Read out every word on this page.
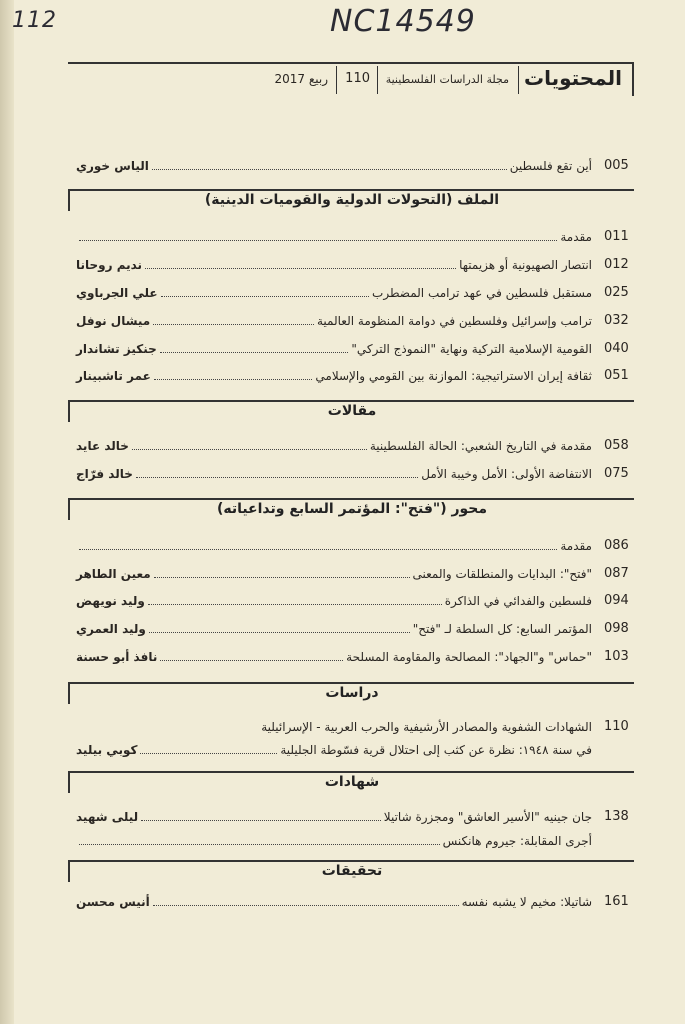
112	NC14549
المحتويات
مجلة الدراسات الفلسطينية
110
ربيع 2017
005
أين تقع فلسطين
الياس خوري
الملف (التحولات الدولية والقوميات الدينية)
011
مقدمة
012
انتصار الصهيونية أو هزيمتها
نديم روحانا
025
مستقبل فلسطين في عهد ترامب المضطرب
علي الجرباوي
032
ترامب وإسرائيل وفلسطين في دوامة المنظومة العالمية
ميشال نوفل
040
القومية الإسلامية التركية ونهاية "النموذج التركي"
جنكيز تشاندار
051
ثقافة إيران الاستراتيجية: الموازنة بين القومي والإسلامي
عمر تاشبينار
مقالات
058
مقدمة في التاريخ الشعبي: الحالة الفلسطينية
خالد عايد
075
الانتفاضة الأولى: الأمل وخيبة الأمل
خالد فرّاج
محور ("فتح": المؤتمر السابع وتداعياته)
086
مقدمة
087
"فتح": البدايات والمنطلقات والمعنى
معين الطاهر
094
فلسطين والفدائي في الذاكرة
وليد نويهض
098
المؤتمر السابع: كل السلطة لـ "فتح"
وليد العمري
103
"حماس" و"الجهاد": المصالحة والمقاومة المسلحة
نافذ أبو حسنة
دراسات
110
الشهادات الشفوية والمصادر الأرشيفية والحرب العربية - الإسرائيلية
في سنة ١٩٤٨: نظرة عن كثب إلى احتلال قرية فسّوطة الجليلية
كوبي بيليد
شهادات
138
جان جينيه "الأسير العاشق" ومجزرة شاتيلا
ليلى شهيد
أجرى المقابلة: جيروم هانكنس
تحقيقات
161
شاتيلا: مخيم لا يشبه نفسه
أنيس محسن
